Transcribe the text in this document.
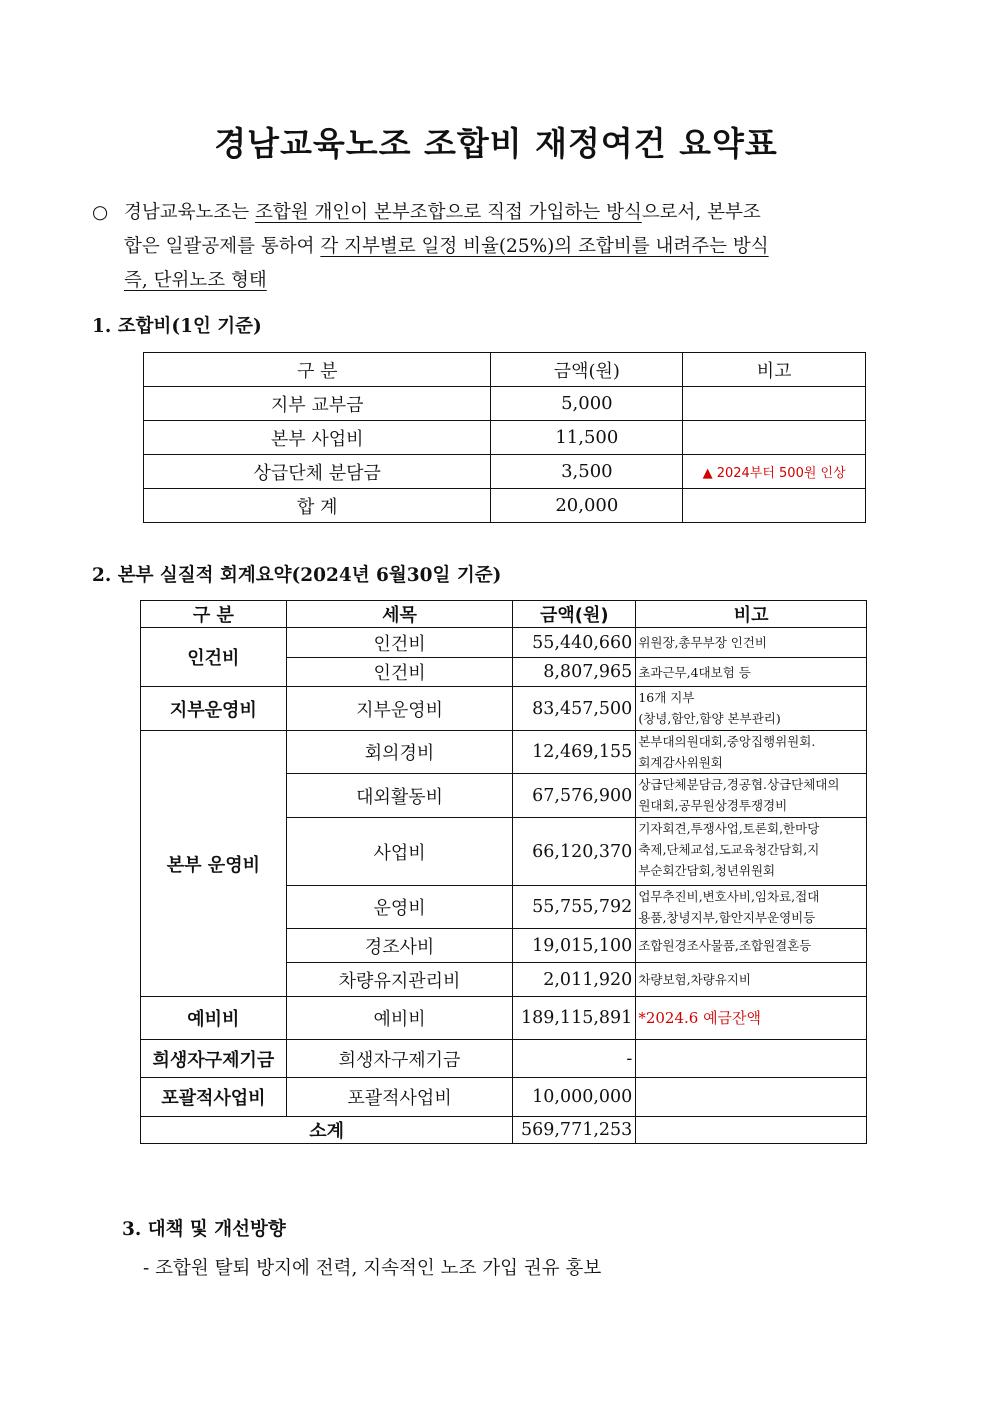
경남교육노조 조합비 재정여건 요약표
○ 경남교육노조는 조합원 개인이 본부조합으로 직접 가입하는 방식으로서, 본부조
합은 일괄공제를 통하여 각 지부별로 일정 비율(25%)의 조합비를 내려주는 방식
즉, 단위노조 형태
1. 조합비(1인 기준)
구 분	금액(원)	비고
지부 교부금	5,000	
본부 사업비	11,500	
상급단체 분담금	3,500	▲ 2024부터 500원 인상
합 계	20,000	
2. 본부 실질적 회계요약(2024년 6월30일 기준)
구 분	세목	금액(원)	비고
인건비	인건비	55,440,660	위원장,총무부장 인건비
	인건비	8,807,965	초과근무,4대보험 등
지부운영비	지부운영비	83,457,500	16개 지부
(창녕,함안,함양 본부관리)
본부 운영비	회의경비	12,469,155	본부대의원대회,중앙집행위원회.
회계감사위원회
	대외활동비	67,576,900	상급단체분담금,경공협.상급단체대의
원대회,공무원상경투쟁경비
	사업비	66,120,370	기자회견,투쟁사업,토론회,한마당
축제,단체교섭,도교육청간담회,지
부순회간담회,청년위원회
	운영비	55,755,792	업무추진비,변호사비,임차료,접대
용품,창녕지부,함안지부운영비등
	경조사비	19,015,100	조합원경조사물품,조합원결혼등
	차량유지관리비	2,011,920	차량보험,차량유지비
예비비	예비비	189,115,891	*2024.6 예금잔액
희생자구제기금	희생자구제기금	-	
포괄적사업비	포괄적사업비	10,000,000	
소계		569,771,253	
3. 대책 및 개선방향
- 조합원 탈퇴 방지에 전력, 지속적인 노조 가입 권유 홍보
